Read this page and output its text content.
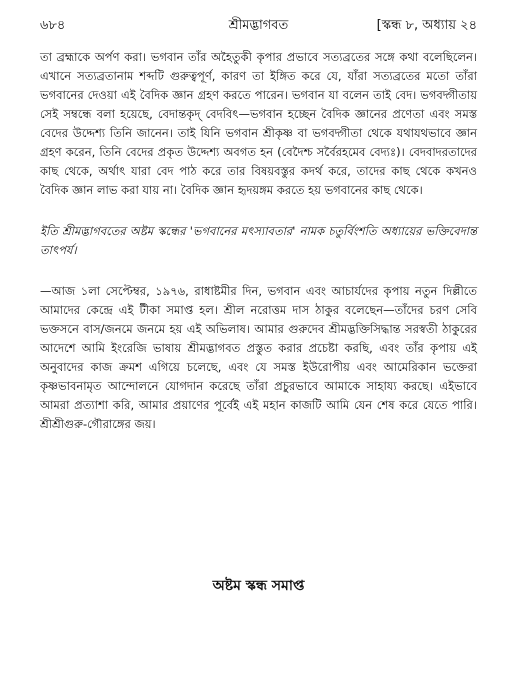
৬৮৪	শ্রীমদ্ভাগবত	[স্কন্ধ ৮, অধ্যায় ২৪

তা ব্রহ্মাকে অর্পণ করা। ভগবান তাঁর অহৈতুকী কৃপার প্রভাবে সত্যব্রতের সঙ্গে কথা বলেছিলেন। এখানে সত্যব্রতানাম শব্দটি গুরুত্বপূর্ণ, কারণ তা ইঙ্গিত করে যে, যাঁরা সত্যব্রতের মতো তাঁরা ভগবানের দেওয়া এই বৈদিক জ্ঞান গ্রহণ করতে পারেন। ভগবান যা বলেন তাই বেদ। ভগবদ্গীতায় সেই সম্বন্ধে বলা হয়েছে, বেদান্তকৃদ্ বেদবিৎ—ভগবান হচ্ছেন বৈদিক জ্ঞানের প্রণেতা এবং সমস্ত বেদের উদ্দেশ্য তিনি জানেন। তাই যিনি ভগবান শ্রীকৃষ্ণ বা ভগবদ্গীতা থেকে যথাযথভাবে জ্ঞান গ্রহণ করেন, তিনি বেদের প্রকৃত উদ্দেশ্য অবগত হন (বেদৈশ্চ সর্বৈরহমেব বেদ্যঃ)। বেদবাদরতাদের কাছ থেকে, অর্থাৎ যারা বেদ পাঠ করে তার বিষয়বস্তুর কদর্থ করে, তাদের কাছ থেকে কখনও বৈদিক জ্ঞান লাভ করা যায় না। বৈদিক জ্ঞান হৃদয়ঙ্গম করতে হয় ভগবানের কাছ থেকে।

ইতি শ্রীমদ্ভাগবতের অষ্টম স্কন্ধের 'ভগবানের মৎস্যাবতার' নামক চতুর্বিংশতি অধ্যায়ের ভক্তিবেদান্ত তাৎপর্য।

—আজ ১লা সেপ্টেম্বর, ১৯৭৬, রাধাষ্টমীর দিন, ভগবান এবং আচার্যদের কৃপায় নতুন দিল্লীতে আমাদের কেন্দ্রে এই টীকা সমাপ্ত হল। শ্রীল নরোত্তম দাস ঠাকুর বলেছেন—তাঁদের চরণ সেবি ভক্তসনে বাস/জনমে জনমে হয় এই অভিলাষ। আমার গুরুদেব শ্রীমদ্ভক্তিসিদ্ধান্ত সরস্বতী ঠাকুরের আদেশে আমি ইংরেজি ভাষায় শ্রীমদ্ভাগবত প্রস্তুত করার প্রচেষ্টা করছি, এবং তাঁর কৃপায় এই অনুবাদের কাজ ক্রমশ এগিয়ে চলেছে, এবং যে সমস্ত ইউরোপীয় এবং আমেরিকান ভক্তেরা কৃষ্ণভাবনামৃত আন্দোলনে যোগদান করেছে তাঁরা প্রচুরভাবে আমাকে সাহায্য করছে। এইভাবে আমরা প্রত্যাশা করি, আমার প্রয়াণের পূর্বেই এই মহান কাজটি আমি যেন শেষ করে যেতে পারি। শ্রীশ্রীগুরু-গৌরাঙ্গের জয়।

অষ্টম স্কন্ধ সমাপ্ত
